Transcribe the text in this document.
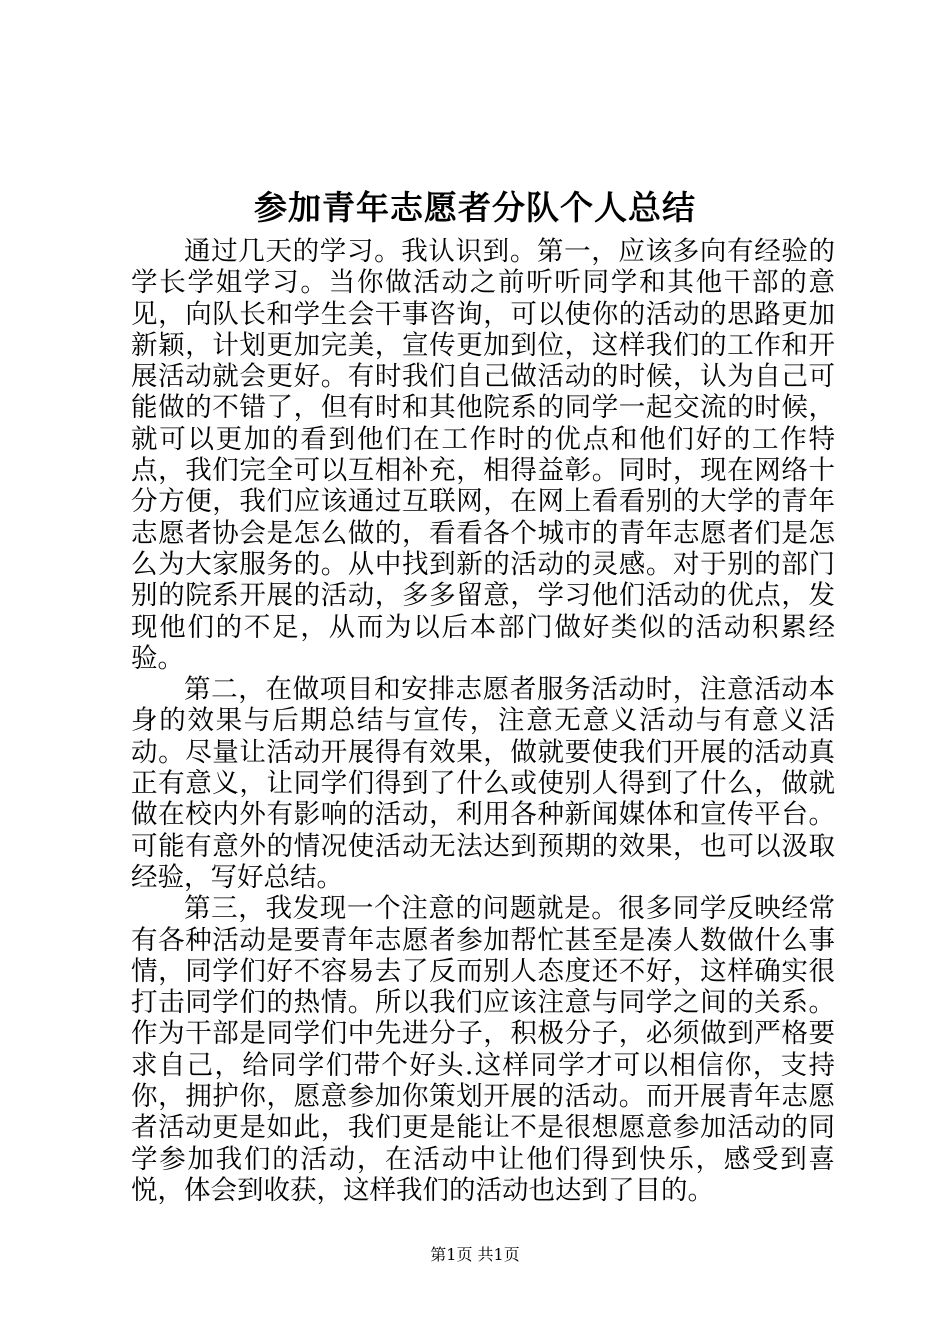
参加青年志愿者分队个人总结

通过几天的学习。我认识到。第一，应该多向有经验的学长学姐学习。当你做活动之前听听同学和其他干部的意见，向队长和学生会干事咨询，可以使你的活动的思路更加新颖，计划更加完美，宣传更加到位，这样我们的工作和开展活动就会更好。有时我们自己做活动的时候，认为自己可能做的不错了，但有时和其他院系的同学一起交流的时候，就可以更加的看到他们在工作时的优点和他们好的工作特点，我们完全可以互相补充，相得益彰。同时，现在网络十分方便，我们应该通过互联网，在网上看看别的大学的青年志愿者协会是怎么做的，看看各个城市的青年志愿者们是怎么为大家服务的。从中找到新的活动的灵感。对于别的部门别的院系开展的活动，多多留意，学习他们活动的优点，发现他们的不足，从而为以后本部门做好类似的活动积累经验。

第二，在做项目和安排志愿者服务活动时，注意活动本身的效果与后期总结与宣传，注意无意义活动与有意义活动。尽量让活动开展得有效果，做就要使我们开展的活动真正有意义，让同学们得到了什么或使别人得到了什么，做就做在校内外有影响的活动，利用各种新闻媒体和宣传平台。可能有意外的情况使活动无法达到预期的效果，也可以汲取经验，写好总结。

第三，我发现一个注意的问题就是。很多同学反映经常有各种活动是要青年志愿者参加帮忙甚至是凑人数做什么事情，同学们好不容易去了反而别人态度还不好，这样确实很打击同学们的热情。所以我们应该注意与同学之间的关系。作为干部是同学们中先进分子，积极分子，必须做到严格要求自己，给同学们带个好头.这样同学才可以相信你，支持你，拥护你，愿意参加你策划开展的活动。而开展青年志愿者活动更是如此，我们更是能让不是很想愿意参加活动的同学参加我们的活动，在活动中让他们得到快乐，感受到喜悦，体会到收获，这样我们的活动也达到了目的。

第1页 共1页
